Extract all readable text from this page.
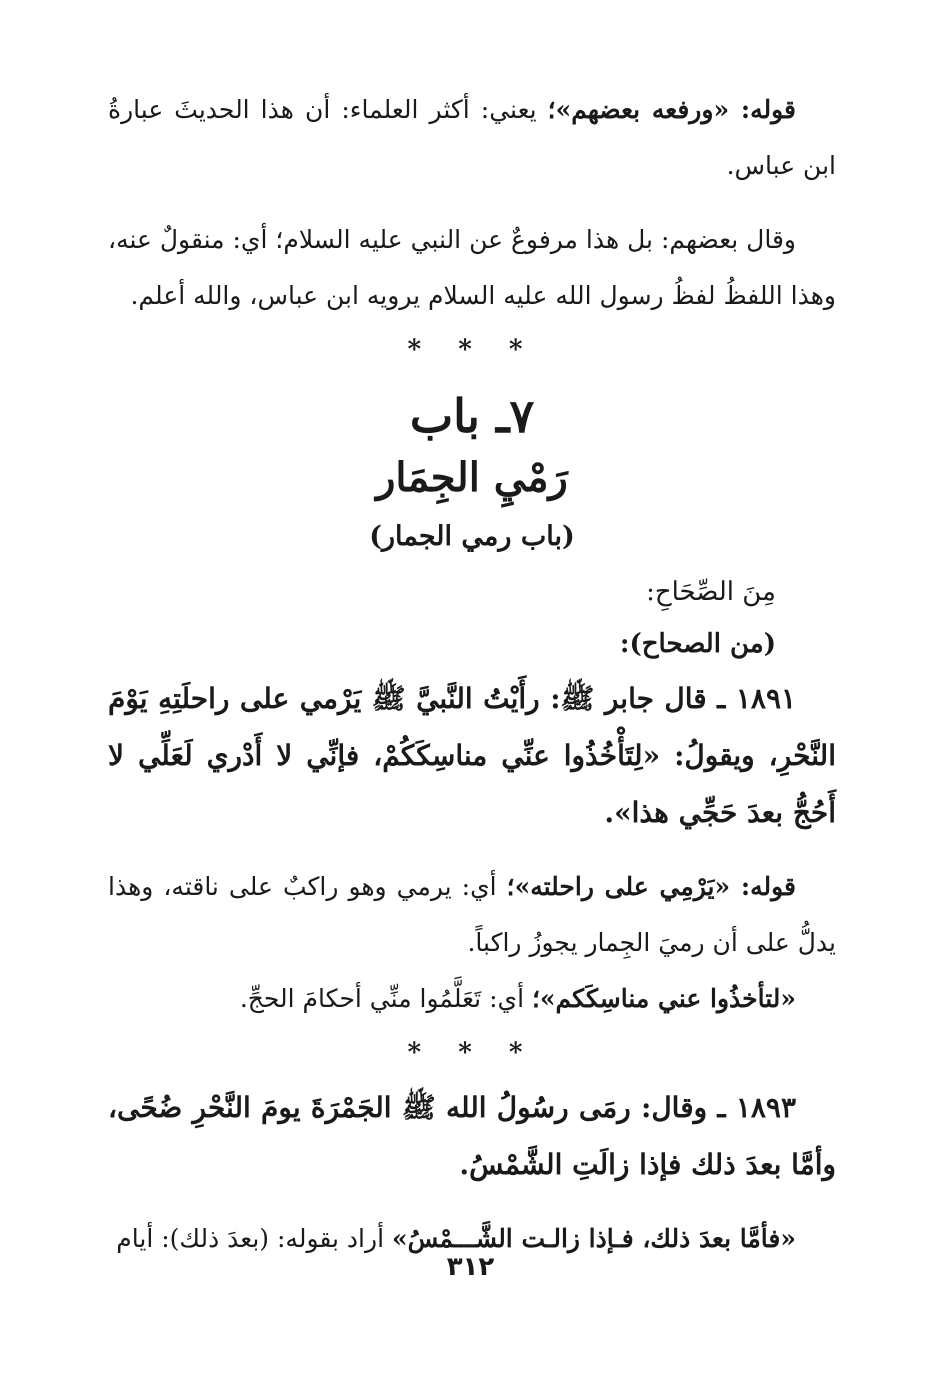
قوله: «ورفعه بعضهم»؛ يعني: أكثر العلماء: أن هذا الحديثَ عبارةُ ابن عباس.

وقال بعضهم: بل هذا مرفوعٌ عن النبي عليه السلام؛ أي: منقولٌ عنه، وهذا اللفظُ لفظُ رسول الله عليه السلام يرويه ابن عباس، والله أعلم.

* * *
٧ـ باب
رَمْيِ الجِمَار
(باب رمي الجمار)
مِنَ الصِّحَاحِ:
(من الصحاح):

١٨٩١ ـ قال جابر ﷺ: رأَيْتُ النَّبيَّ ﷺ يَرْمي على راحلَتِهِ يَوْمَ النَّحْرِ، ويقولُ: «لِتَأْخُذُوا عنِّي مناسِكَكُمْ، فإنِّي لا أَدْري لَعَلِّي لا أَحُجُّ بعدَ حَجِّي هذا».

قوله: «يَرْمِي على راحلته»؛ أي: يرمي وهو راكبٌ على ناقته، وهذا يدلُّ على أن رميَ الجِمار يجوزُ راكباً.

«لتأخذُوا عني مناسِكَكم»؛ أي: تَعَلَّمُوا منِّي أحكامَ الحجِّ.

* * *

١٨٩٣ ـ وقال: رمَى رسُولُ الله ﷺ الجَمْرَةَ يومَ النَّحْرِ ضُحًى، وأمَّا بعدَ ذلك فإذا زالَتِ الشَّمْسُ.

«فأمَّا بعدَ ذلك، فـإذا زالـت الشَّـــمْسُ» أراد بقوله: (بعدَ ذلك): أيام

٣١٢
